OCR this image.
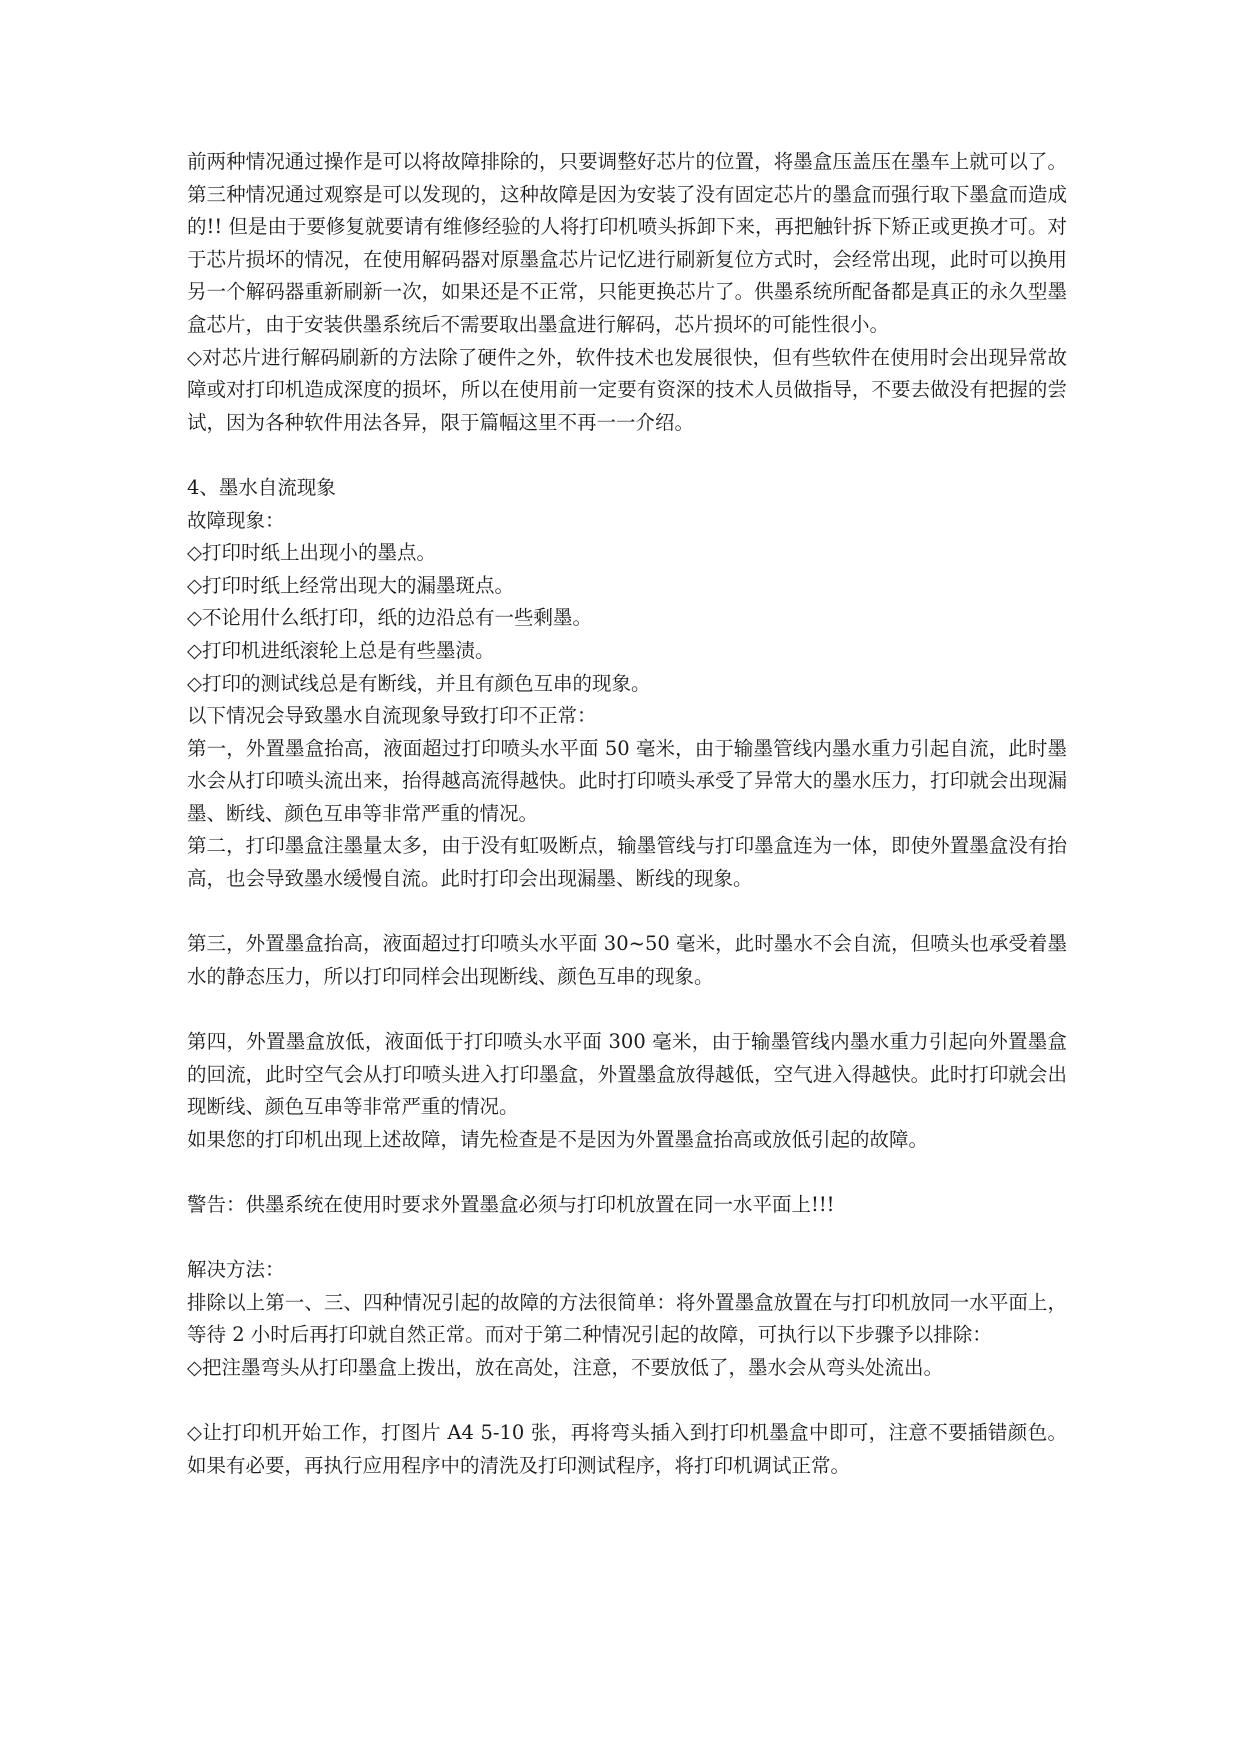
前两种情况通过操作是可以将故障排除的，只要调整好芯片的位置，将墨盒压盖压在墨车上就可以了。第三种情况通过观察是可以发现的，这种故障是因为安装了没有固定芯片的墨盒而强行取下墨盒而造成的!! 但是由于要修复就要请有维修经验的人将打印机喷头拆卸下来，再把触针拆下矫正或更换才可。对于芯片损坏的情况，在使用解码器对原墨盒芯片记忆进行刷新复位方式时，会经常出现，此时可以换用另一个解码器重新刷新一次，如果还是不正常，只能更换芯片了。供墨系统所配备都是真正的永久型墨盒芯片，由于安装供墨系统后不需要取出墨盒进行解码，芯片损坏的可能性很小。

◇对芯片进行解码刷新的方法除了硬件之外，软件技术也发展很快，但有些软件在使用时会出现异常故障或对打印机造成深度的损坏，所以在使用前一定要有资深的技术人员做指导，不要去做没有把握的尝试，因为各种软件用法各异，限于篇幅这里不再一一介绍。

4、墨水自流现象

故障现象：

◇打印时纸上出现小的墨点。

◇打印时纸上经常出现大的漏墨斑点。

◇不论用什么纸打印，纸的边沿总有一些剩墨。

◇打印机进纸滚轮上总是有些墨渍。

◇打印的测试线总是有断线，并且有颜色互串的现象。

以下情况会导致墨水自流现象导致打印不正常：

第一，外置墨盒抬高，液面超过打印喷头水平面 50 毫米，由于输墨管线内墨水重力引起自流，此时墨水会从打印喷头流出来，抬得越高流得越快。此时打印喷头承受了异常大的墨水压力，打印就会出现漏墨、断线、颜色互串等非常严重的情况。

第二，打印墨盒注墨量太多，由于没有虹吸断点，输墨管线与打印墨盒连为一体，即使外置墨盒没有抬高，也会导致墨水缓慢自流。此时打印会出现漏墨、断线的现象。

第三，外置墨盒抬高，液面超过打印喷头水平面 30~50 毫米，此时墨水不会自流，但喷头也承受着墨水的静态压力，所以打印同样会出现断线、颜色互串的现象。

第四，外置墨盒放低，液面低于打印喷头水平面 300 毫米，由于输墨管线内墨水重力引起向外置墨盒的回流，此时空气会从打印喷头进入打印墨盒，外置墨盒放得越低，空气进入得越快。此时打印就会出现断线、颜色互串等非常严重的情况。

如果您的打印机出现上述故障，请先检查是不是因为外置墨盒抬高或放低引起的故障。

警告：供墨系统在使用时要求外置墨盒必须与打印机放置在同一水平面上!!!

解决方法：

排除以上第一、三、四种情况引起的故障的方法很简单：将外置墨盒放置在与打印机放同一水平面上，等待 2 小时后再打印就自然正常。而对于第二种情况引起的故障，可执行以下步骤予以排除：

◇把注墨弯头从打印墨盒上拨出，放在高处，注意，不要放低了，墨水会从弯头处流出。

◇让打印机开始工作，打图片 A4 5-10 张，再将弯头插入到打印机墨盒中即可，注意不要插错颜色。如果有必要，再执行应用程序中的清洗及打印测试程序，将打印机调试正常。
